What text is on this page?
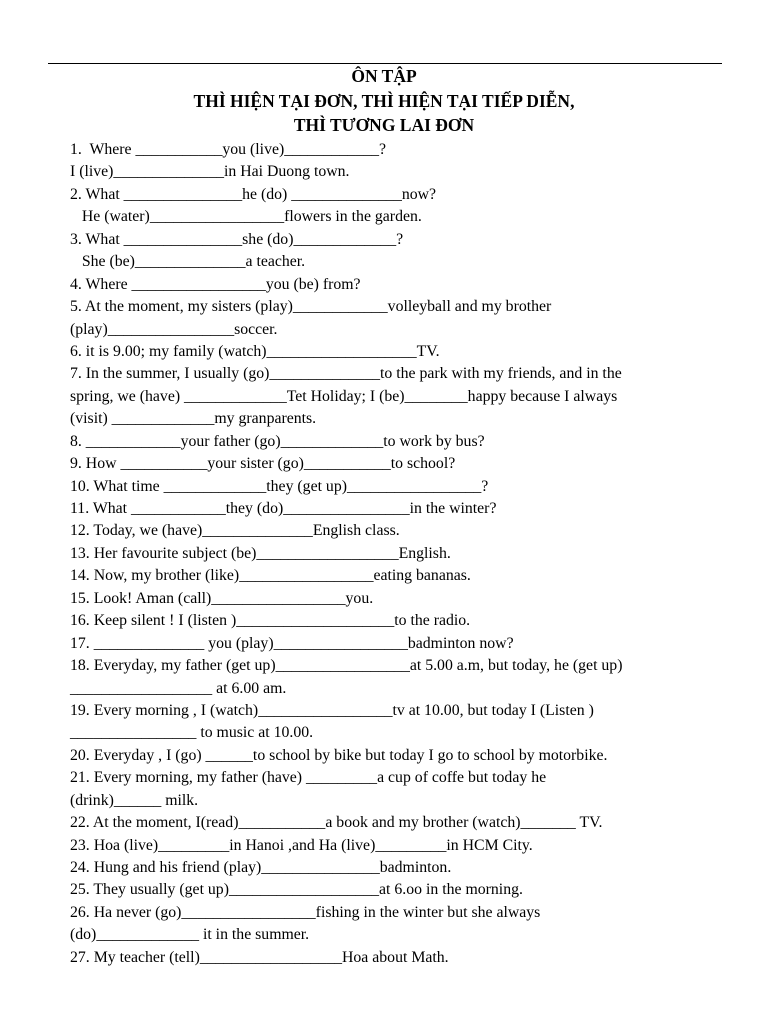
ÔN TẬP
THÌ HIỆN TẠI ĐƠN, THÌ HIỆN TẠI TIẾP DIỄN,
THÌ TƯƠNG LAI ĐƠN
1.  Where ___________you (live)____________?
I (live)______________in Hai Duong town.
2. What _______________he (do) ______________now?
He (water)_________________flowers in the garden.
3. What _______________she (do)_____________?
She (be)______________a teacher.
4. Where _________________you (be) from?
5. At the moment, my sisters (play)____________volleyball and my brother
(play)________________soccer.
6. it is 9.00; my family (watch)___________________TV.
7. In the summer, I usually (go)______________to the park with my friends, and in the
spring, we (have) _____________Tet Holiday; I (be)________happy because I always
(visit) _____________my granparents.
8. ____________your father (go)_____________to work by bus?
9. How ___________your sister (go)___________to school?
10. What time _____________they (get up)_________________?
11. What ____________they (do)________________in the winter?
12. Today, we (have)______________English class.
13. Her favourite subject (be)__________________English.
14. Now, my brother (like)_________________eating bananas.
15. Look! Aman (call)_________________you.
16. Keep silent ! I (listen )____________________to the radio.
17. ______________ you (play)_________________badminton now?
18. Everyday, my father (get up)_________________at 5.00 a.m, but today, he (get up)
__________________ at 6.00 am.
19. Every morning , I (watch)_________________tv at 10.00, but today I (Listen )
________________ to music at 10.00.
20. Everyday , I (go) ______to school by bike but today I go to school by motorbike.
21. Every morning, my father (have) _________a cup of coffe but today he
(drink)______ milk.
22. At the moment, I(read)___________a book and my brother (watch)_______ TV.
23. Hoa (live)_________in Hanoi ,and Ha (live)_________in HCM City.
24. Hung and his friend (play)_______________badminton.
25. They usually (get up)___________________at 6.oo in the morning.
26. Ha never (go)_________________fishing in the winter but she always
(do)_____________ it in the summer.
27. My teacher (tell)__________________Hoa about Math.
